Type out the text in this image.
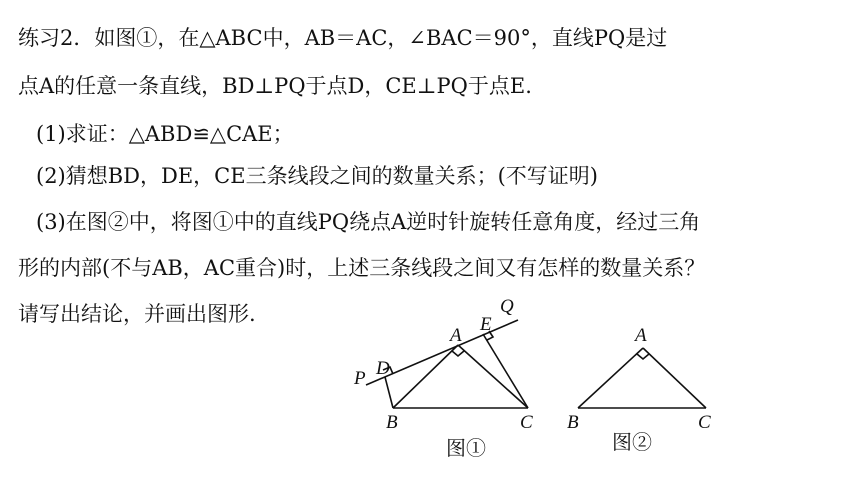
练习2．如图①，在△ABC中，AB＝AC，∠BAC＝90°，直线PQ是过
点A的任意一条直线，BD⊥PQ于点D，CE⊥PQ于点E.
(1)求证：△ABD≌△CAE；
(2)猜想BD，DE，CE三条线段之间的数量关系；(不写证明)
(3)在图②中，将图①中的直线PQ绕点A逆时针旋转任意角度，经过三角
形的内部(不与AB，AC重合)时，上述三条线段之间又有怎样的数量关系？
请写出结论，并画出图形.
P D
A
E
Q
B	C
A
B	C
图①	图②
